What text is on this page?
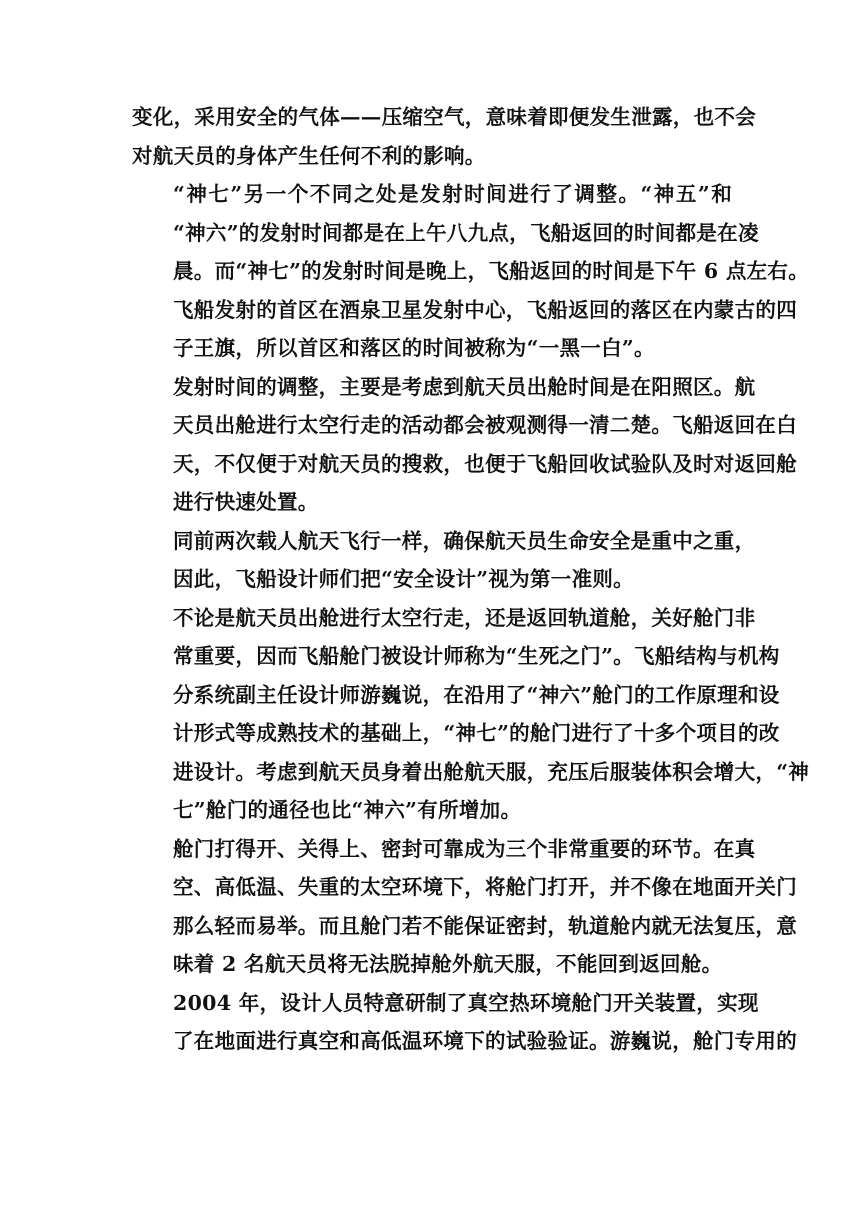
变化，采用安全的气体——压缩空气，意味着即便发生泄露，也不会
对航天员的身体产生任何不利的影响。
“神七”另一个不同之处是发射时间进行了调整。“神五”和
“神六”的发射时间都是在上午八九点，飞船返回的时间都是在凌
晨。而“神七”的发射时间是晚上，飞船返回的时间是下午 6 点左右。
飞船发射的首区在酒泉卫星发射中心，飞船返回的落区在内蒙古的四
子王旗，所以首区和落区的时间被称为“一黑一白”。
发射时间的调整，主要是考虑到航天员出舱时间是在阳照区。航
天员出舱进行太空行走的活动都会被观测得一清二楚。飞船返回在白
天，不仅便于对航天员的搜救，也便于飞船回收试验队及时对返回舱
进行快速处置。
同前两次载人航天飞行一样，确保航天员生命安全是重中之重，
因此，飞船设计师们把“安全设计”视为第一准则。
不论是航天员出舱进行太空行走，还是返回轨道舱，关好舱门非
常重要，因而飞船舱门被设计师称为“生死之门”。飞船结构与机构
分系统副主任设计师游巍说，在沿用了“神六”舱门的工作原理和设
计形式等成熟技术的基础上，“神七”的舱门进行了十多个项目的改
进设计。考虑到航天员身着出舱航天服，充压后服装体积会增大，“神
七”舱门的通径也比“神六”有所增加。
舱门打得开、关得上、密封可靠成为三个非常重要的环节。在真
空、高低温、失重的太空环境下，将舱门打开，并不像在地面开关门
那么轻而易举。而且舱门若不能保证密封，轨道舱内就无法复压，意
味着 2 名航天员将无法脱掉舱外航天服，不能回到返回舱。
2004 年，设计人员特意研制了真空热环境舱门开关装置，实现
了在地面进行真空和高低温环境下的试验验证。游巍说，舱门专用的
